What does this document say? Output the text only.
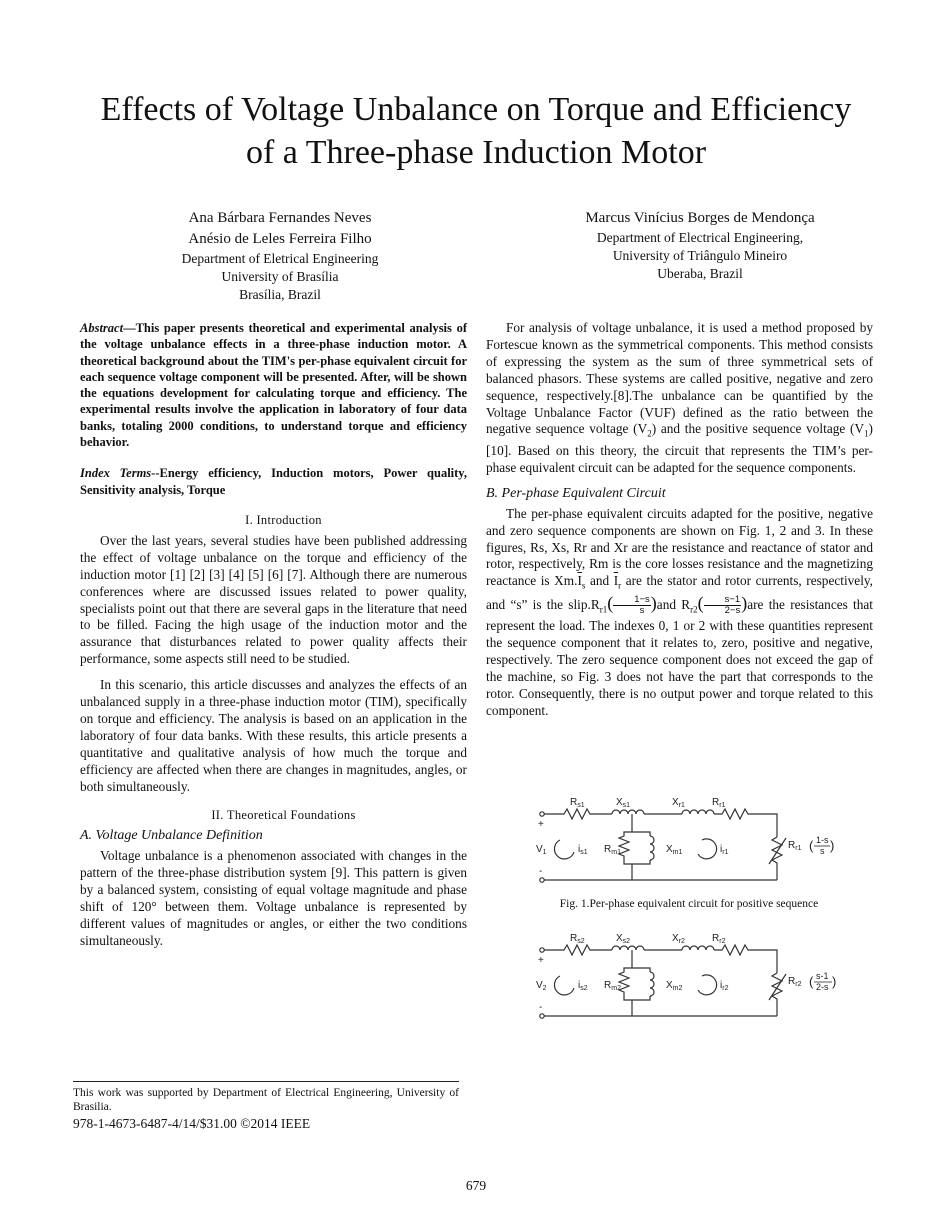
Effects of Voltage Unbalance on Torque and Efficiency
of a Three-phase Induction Motor
Ana Bárbara Fernandes Neves
Anésio de Leles Ferreira Filho
Department of Eletrical Engineering
University of Brasília
Brasília, Brazil
Marcus Vinícius Borges de Mendonça
Department of Electrical Engineering,
University of Triângulo Mineiro
Uberaba, Brazil

Abstract—This paper presents theoretical and experimental analysis of the voltage unbalance effects in a three-phase induction motor. A theoretical background about the TIM's per-phase equivalent circuit for each sequence voltage component will be presented. After, will be shown the equations development for calculating torque and efficiency. The experimental results involve the application in laboratory of four data banks, totaling 2000 conditions, to understand torque and efficiency behavior.

Index Terms--Energy efficiency, Induction motors, Power quality, Sensitivity analysis, Torque

I. Introduction

Over the last years, several studies have been published addressing the effect of voltage unbalance on the torque and efficiency of the induction motor [1] [2] [3] [4] [5] [6] [7]. Although there are numerous conferences where are discussed issues related to power quality, specialists point out that there are several gaps in the literature that need to be filled. Facing the high usage of the induction motor and the assurance that disturbances related to power quality affects their performance, some aspects still need to be studied.

In this scenario, this article discusses and analyzes the effects of an unbalanced supply in a three-phase induction motor (TIM), specifically on torque and efficiency. The analysis is based on an application in the laboratory of four data banks. With these results, this article presents a quantitative and qualitative analysis of how much the torque and efficiency are affected when there are changes in magnitudes, angles, or both simultaneously.

II. Theoretical Foundations

A. Voltage Unbalance Definition

Voltage unbalance is a phenomenon associated with changes in the pattern of the three-phase distribution system [9]. This pattern is given by a balanced system, consisting of equal voltage magnitude and phase shift of 120° between them. Voltage unbalance is represented by different values of magnitudes or angles, or either the two conditions simultaneously.

This work was supported by Department of Electrical Engineering, University of Brasilia.
978-1-4673-6487-4/14/$31.00 ©2014 IEEE

For analysis of voltage unbalance, it is used a method proposed by Fortescue known as the symmetrical components. This method consists of expressing the system as the sum of three symmetrical sets of balanced phasors. These systems are called positive, negative and zero sequence, respectively.[8].The unbalance can be quantified by the Voltage Unbalance Factor (VUF) defined as the ratio between the negative sequence voltage $(V_2)$ and the positive sequence voltage $(V_1)$ [10]. Based on this theory, the circuit that represents the TIM’s per-phase equivalent circuit can be adapted for the sequence components.

B. Per-phase Equivalent Circuit

The per-phase equivalent circuits adapted for the positive, negative and zero sequence components are shown on Fig. 1, 2 and 3. In these figures, Rs, Xs, Rr and Xr are the resistance and reactance of stator and rotor, respectively, Rm is the core losses resistance and the magnetizing reactance is $Xm.\overline{I}_s$ and $\overline{I}_r$ are the stator and rotor currents, respectively, and “s” is the $slip.R_{r1}( \frac{1-s}{s} )and$ $R_{r2}( \frac{s-1}{2-s} )are$ the resistances that represent the load. The indexes 0, 1 or 2 with these quantities represent the sequence component that it relates to, zero, positive and negative, respectively. The zero sequence component does not exceed the gap of the machine, so Fig. 3 does not have the part that corresponds to the rotor. Consequently, there is no output power and torque related to this component.

$R_{s1}$	$X_{s1}$	$X_{r1}$	$R_{r1}$
$R_{m1}$	$X_{m1}$
$i_{s1}$	$i_{r1}$
$V_1$
+
-
$R_{r1}$
1-s
s
( )
Fig. 1.Per-phase equivalent circuit for positive sequence
$R_{s2}$	$X_{s2}$	$X_{r2}$	$R_{r2}$
$R_{m2}$	$X_{m2}$
$i_{s2}$	$i_{r2}$
$V_2$
+
-
$R_{r2}$
s-1
2-s
( )
679
